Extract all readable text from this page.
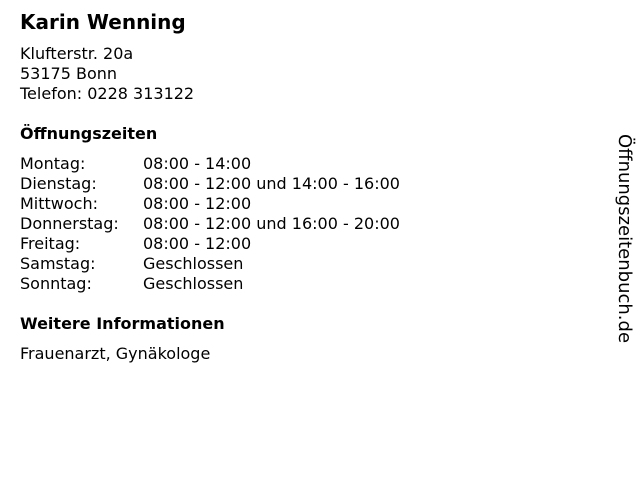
Karin Wenning
Klufterstr. 20a
53175 Bonn
Telefon: 0228 313122
Öffnungszeiten
Montag:	08:00 - 14:00
Dienstag:	08:00 - 12:00 und 14:00 - 16:00
Mittwoch:	08:00 - 12:00
Donnerstag:	08:00 - 12:00 und 16:00 - 20:00
Freitag:	08:00 - 12:00
Samstag:	Geschlossen
Sonntag:	Geschlossen
Weitere Informationen
Frauenarzt, Gynäkologe
Öffnungszeitenbuch.de
